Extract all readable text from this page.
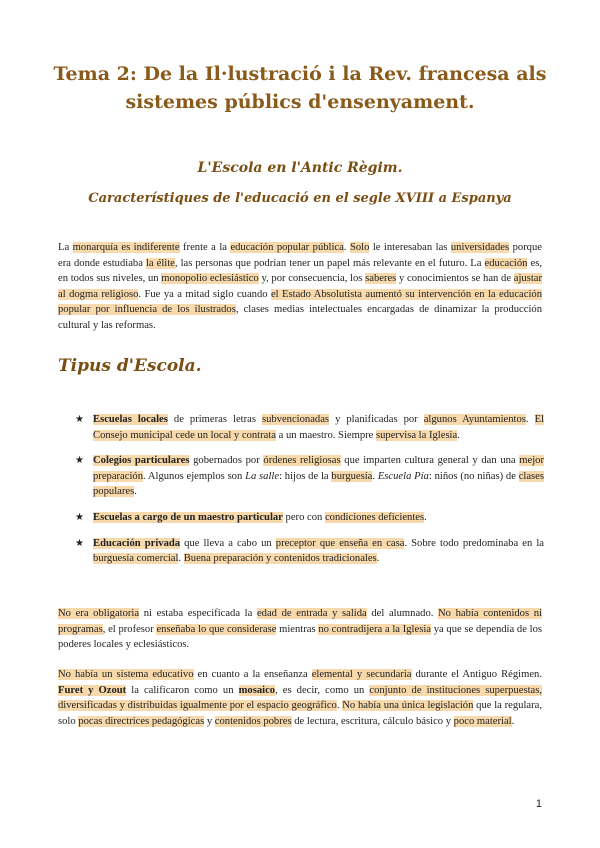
Tema 2: De la Il·lustració i la Rev. francesa als sistemes públics d'ensenyament.
L'Escola en l'Antic Règim.
Característiques de l'educació en el segle XVIII a Espanya

La monarquía es indiferente frente a la educación popular pública. Solo le interesaban las universidades porque era donde estudiaba la élite, las personas que podrían tener un papel más relevante en el futuro. La educación es, en todos sus niveles, un monopolio eclesiástico y, por consecuencia, los saberes y conocimientos se han de ajustar al dogma religioso. Fue ya a mitad siglo cuando el Estado Absolutista aumentó su intervención en la educación popular por influencia de los ilustrados, clases medias intelectuales encargadas de dinamizar la producción cultural y las reformas.

Tipus d'Escola.
★ Escuelas locales de primeras letras subvencionadas y planificadas por algunos Ayuntamientos. El Consejo municipal cede un local y contrata a un maestro. Siempre supervisa la Iglesia.
★ Colegios particulares gobernados por órdenes religiosas que imparten cultura general y dan una mejor preparación. Algunos ejemplos son La salle: hijos de la burguesía. Escuela Pía: niños (no niñas) de clases populares.
★ Escuelas a cargo de un maestro particular pero con condiciones deficientes.
★ Educación privada que lleva a cabo un preceptor que enseña en casa. Sobre todo predominaba en la burguesía comercial. Buena preparación y contenidos tradicionales.

No era obligatoria ni estaba especificada la edad de entrada y salida del alumnado. No había contenidos ni programas, el profesor enseñaba lo que considerase mientras no contradijera a la Iglesia ya que se dependía de los poderes locales y eclesiásticos.

No había un sistema educativo en cuanto a la enseñanza elemental y secundaria durante el Antiguo Régimen. Furet y Ozout la calificaron como un mosaico, es decir, como un conjunto de instituciones superpuestas, diversificadas y distribuidas igualmente por el espacio geográfico. No había una única legislación que la regulara, solo pocas directrices pedagógicas y contenidos pobres de lectura, escritura, cálculo básico y poco material.

1
